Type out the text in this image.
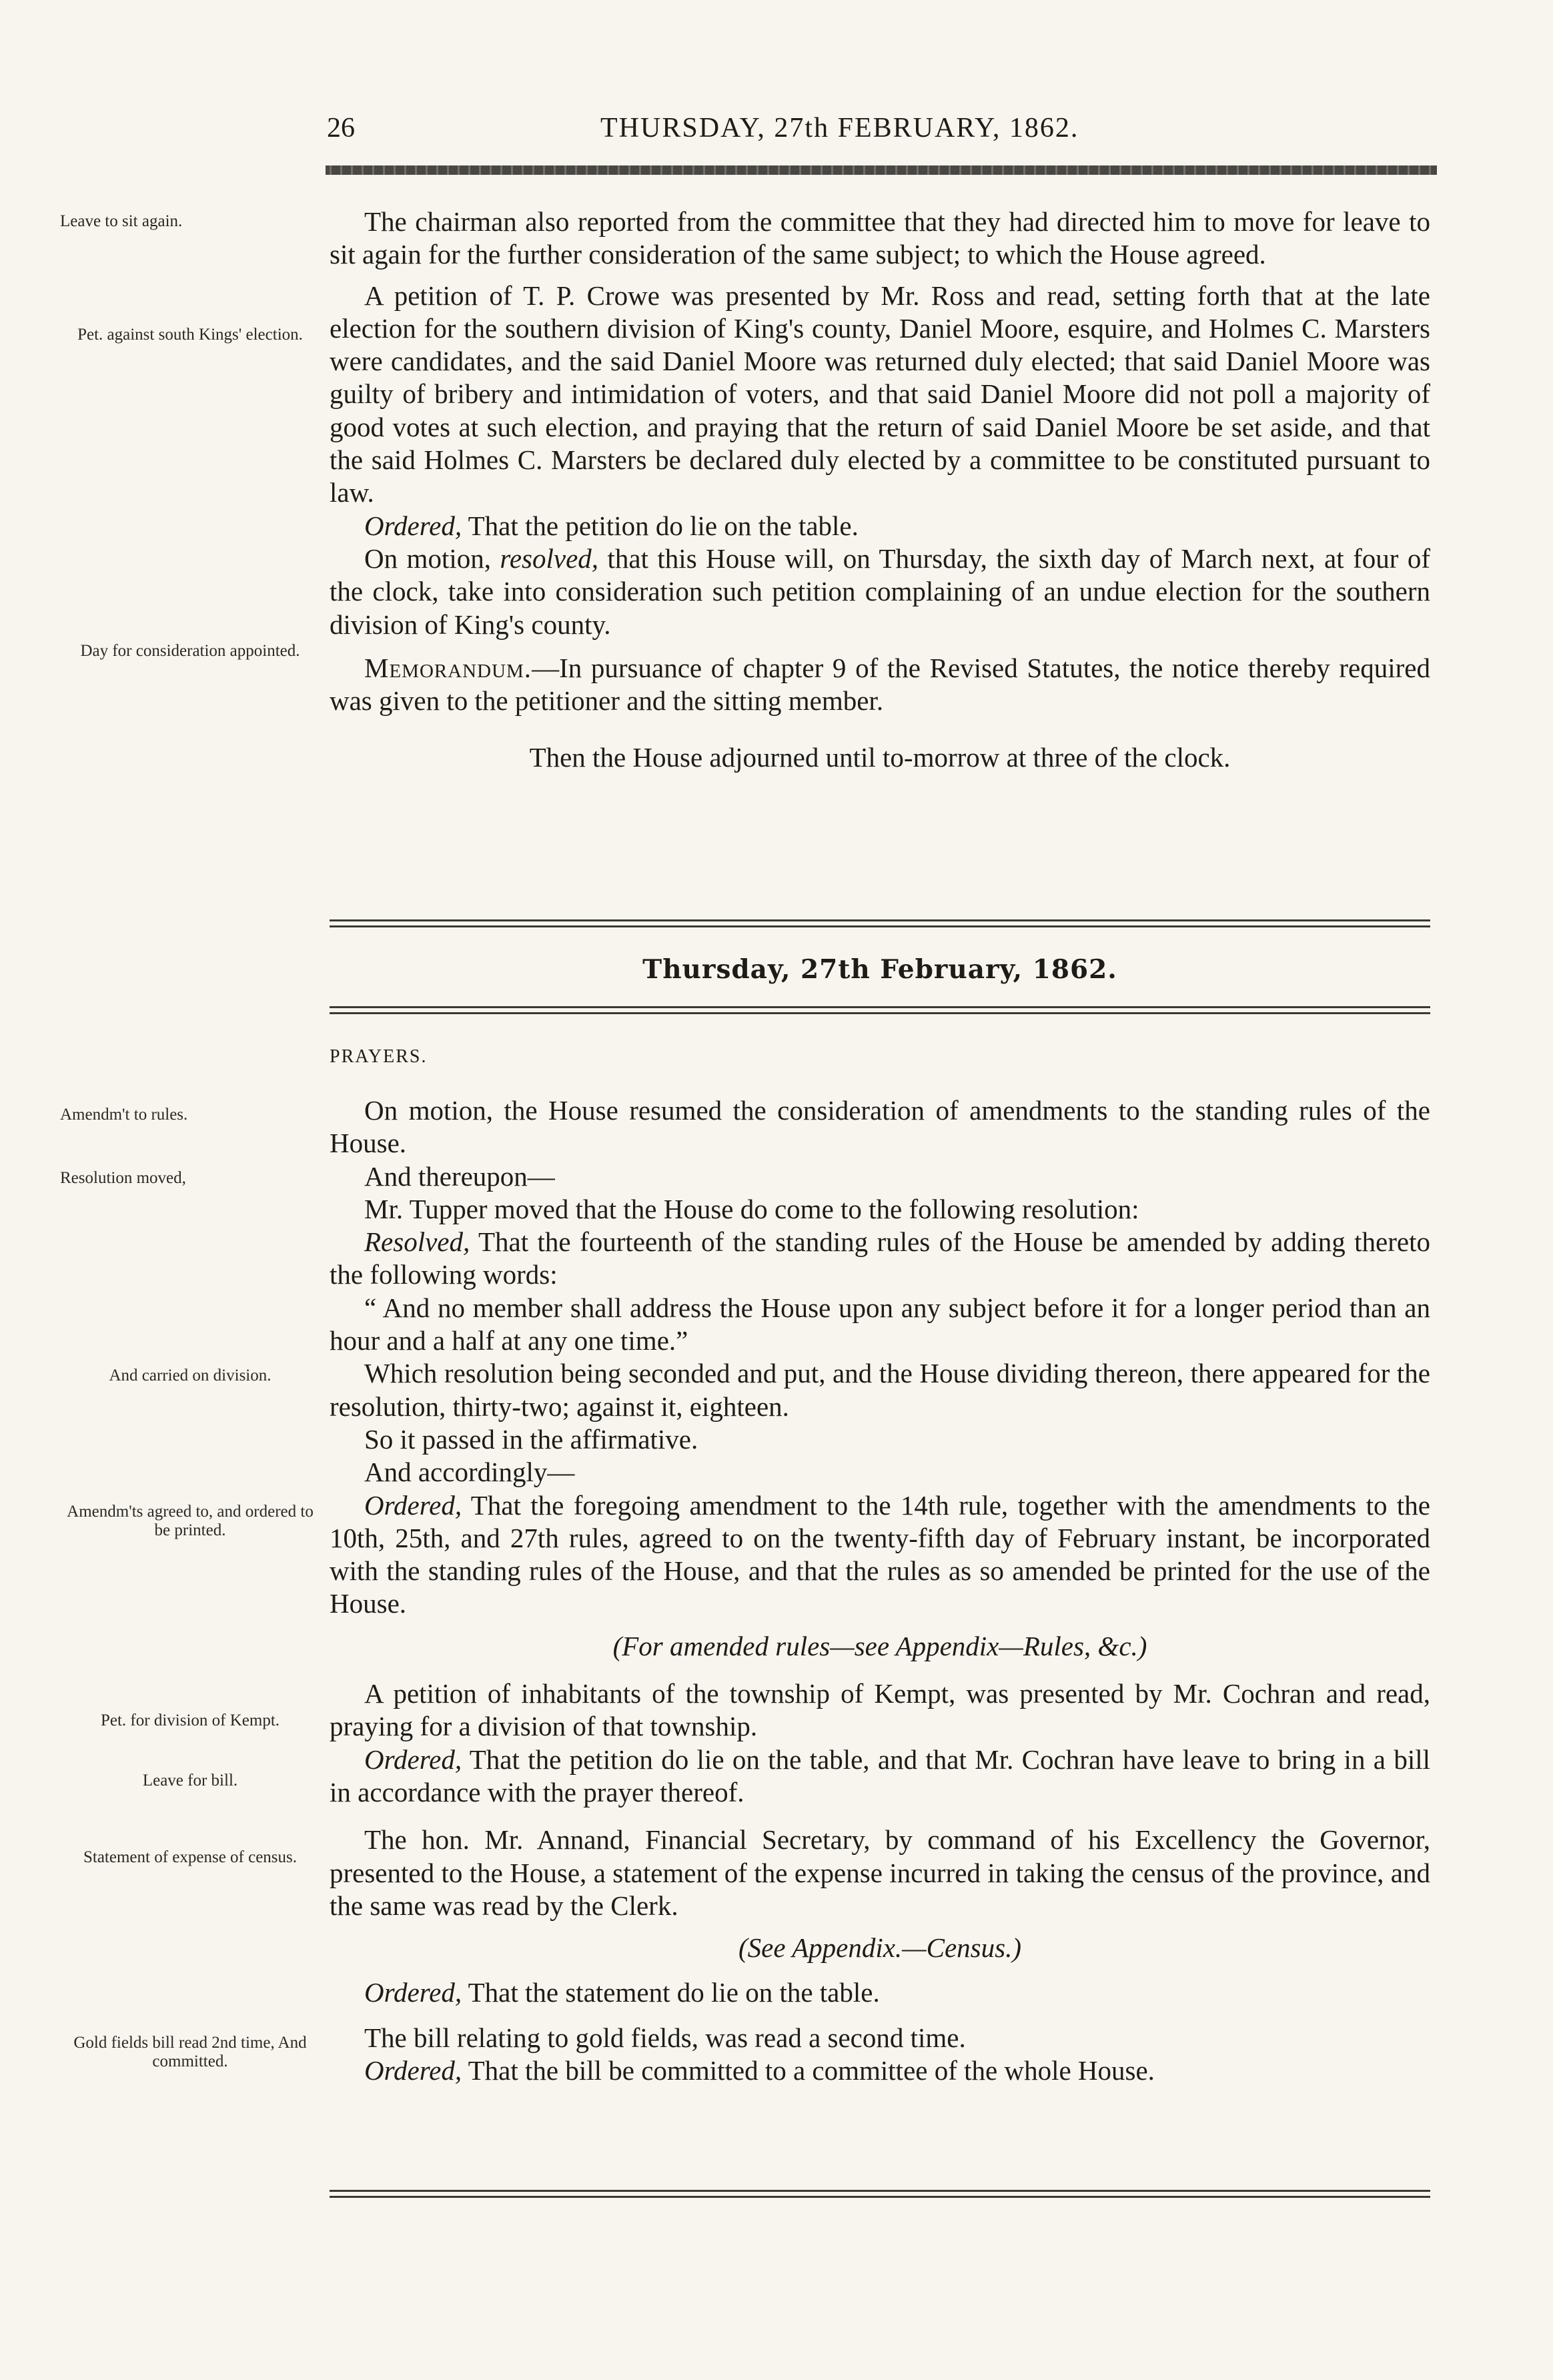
26	THURSDAY, 27th FEBRUARY, 1862.
Leave to sit again.
Pet. against south Kings' election.
Day for consideration appointed.
Amendm't to rules.
Resolution moved,
And carried on division.
Amendm'ts agreed to, and ordered to be printed.
Pet. for division of Kempt.
Leave for bill.
Statement of expense of census.
Gold fields bill read 2nd time, And committed.

The chairman also reported from the committee that they had directed him to move for leave to sit again for the further consideration of the same subject; to which the House agreed.

A petition of T. P. Crowe was presented by Mr. Ross and read, setting forth that at the late election for the southern division of King's county, Daniel Moore, esquire, and Holmes C. Marsters were candidates, and the said Daniel Moore was returned duly elected; that said Daniel Moore was guilty of bribery and intimidation of voters, and that said Daniel Moore did not poll a majority of good votes at such election, and praying that the return of said Daniel Moore be set aside, and that the said Holmes C. Marsters be declared duly elected by a committee to be constituted pursuant to law.

Ordered, That the petition do lie on the table.

On motion, resolved, that this House will, on Thursday, the sixth day of March next, at four of the clock, take into consideration such petition complaining of an undue election for the southern division of King's county.

Memorandum.—In pursuance of chapter 9 of the Revised Statutes, the notice thereby required was given to the petitioner and the sitting member.

Then the House adjourned until to-morrow at three of the clock.

Thursday, 27th February, 1862.
PRAYERS.

On motion, the House resumed the consideration of amendments to the standing rules of the House.

And thereupon—

Mr. Tupper moved that the House do come to the following resolution:

Resolved, That the fourteenth of the standing rules of the House be amended by adding thereto the following words:

“ And no member shall address the House upon any subject before it for a longer period than an hour and a half at any one time.”

Which resolution being seconded and put, and the House dividing thereon, there appeared for the resolution, thirty-two; against it, eighteen.

So it passed in the affirmative.

And accordingly—

Ordered, That the foregoing amendment to the 14th rule, together with the amendments to the 10th, 25th, and 27th rules, agreed to on the twenty-fifth day of February instant, be incorporated with the standing rules of the House, and that the rules as so amended be printed for the use of the House.

(For amended rules—see Appendix—Rules, &c.)

A petition of inhabitants of the township of Kempt, was presented by Mr. Cochran and read, praying for a division of that township.

Ordered, That the petition do lie on the table, and that Mr. Cochran have leave to bring in a bill in accordance with the prayer thereof.

The hon. Mr. Annand, Financial Secretary, by command of his Excellency the Governor, presented to the House, a statement of the expense incurred in taking the census of the province, and the same was read by the Clerk.

(See Appendix.—Census.)

Ordered, That the statement do lie on the table.

The bill relating to gold fields, was read a second time.

Ordered, That the bill be committed to a committee of the whole House.
